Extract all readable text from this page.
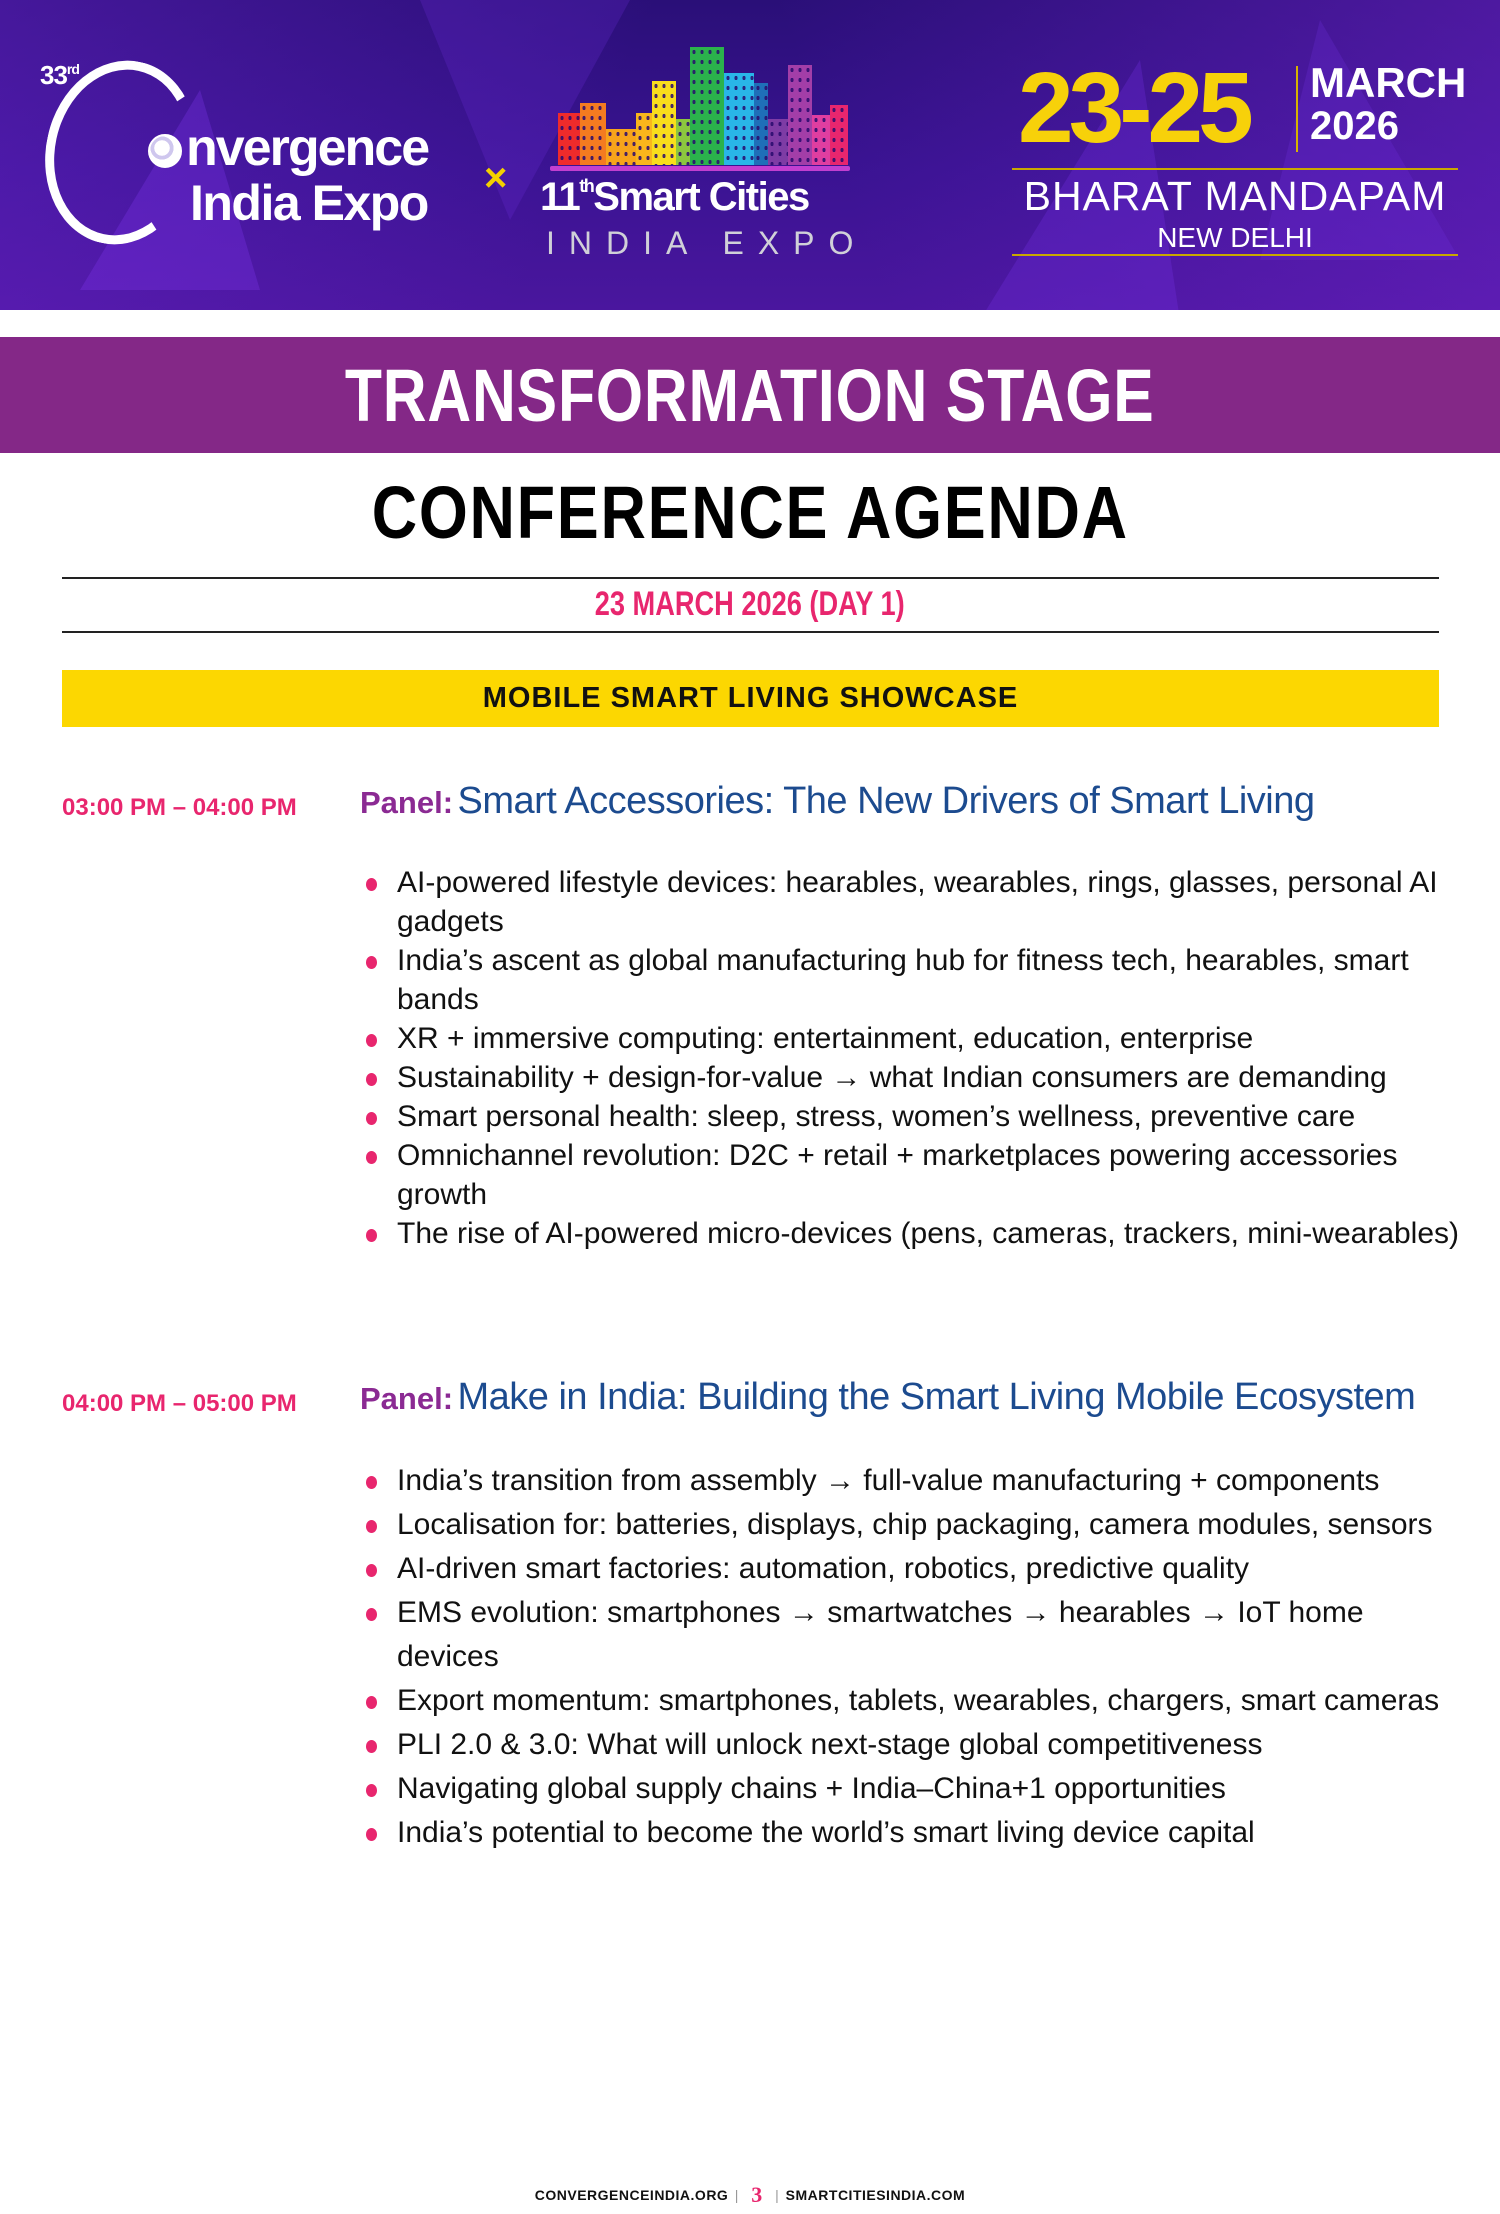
33rd
nvergence
India Expo × 11thSmart Cities
INDIA EXPO
23-25 MARCH
2026
BHARAT MANDAPAM
NEW DELHI
TRANSFORMATION STAGE
CONFERENCE AGENDA
23 MARCH 2026 (DAY 1)
MOBILE SMART LIVING SHOWCASE
03:00 PM – 04:00 PM Panel: Smart Accessories: The New Drivers of Smart Living
AI-powered lifestyle devices: hearables, wearables, rings, glasses, personal AI gadgets
India’s ascent as global manufacturing hub for fitness tech, hearables, smart bands
XR + immersive computing: entertainment, education, enterprise
Sustainability + design-for-value → what Indian consumers are demanding
Smart personal health: sleep, stress, women’s wellness, preventive care
Omnichannel revolution: D2C + retail + marketplaces powering accessories growth
The rise of AI-powered micro-devices (pens, cameras, trackers, mini-wearables)
04:00 PM – 05:00 PM Panel: Make in India: Building the Smart Living Mobile Ecosystem
India’s transition from assembly → full-value manufacturing + components
Localisation for: batteries, displays, chip packaging, camera modules, sensors
AI-driven smart factories: automation, robotics, predictive quality
EMS evolution: smartphones → smartwatches → hearables → IoT home devices
Export momentum: smartphones, tablets, wearables, chargers, smart cameras
PLI 2.0 & 3.0: What will unlock next-stage global competitiveness
Navigating global supply chains + India–China+1 opportunities
India’s potential to become the world’s smart living device capital
CONVERGENCEINDIA.ORG | 3 | SMARTCITIESINDIA.COM
